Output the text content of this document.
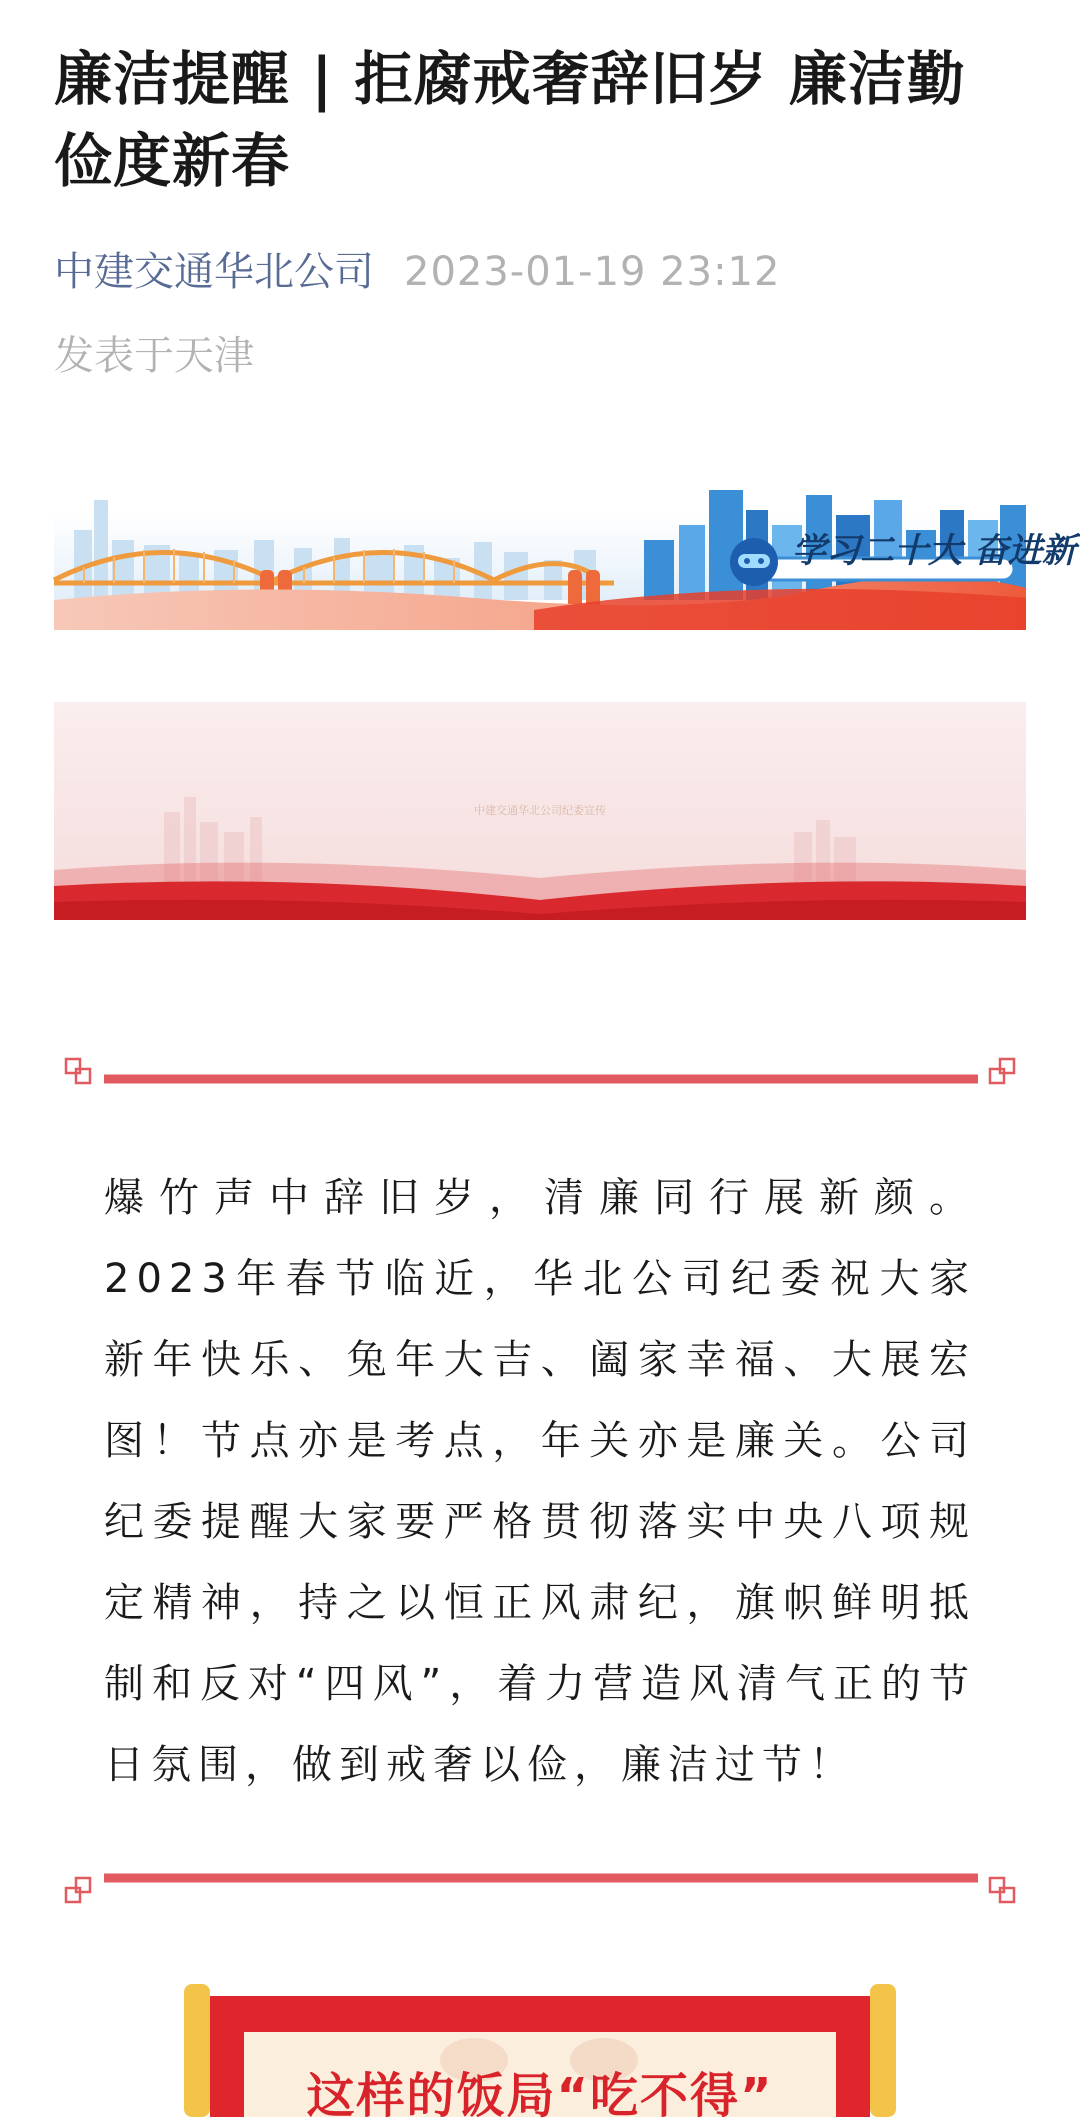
廉洁提醒 | 拒腐戒奢辞旧岁 廉洁勤俭度新春
中建交通华北公司 2023-01-19 23:12
发表于天津
学习二十大 奋进新
中建交通华北公司纪委宣传

爆竹声中辞旧岁，清廉同行展新颜。2023年春节临近，华北公司纪委祝大家新年快乐、兔年大吉、阖家幸福、大展宏图！节点亦是考点，年关亦是廉关。公司纪委提醒大家要严格贯彻落实中央八项规定精神，持之以恒正风肃纪，旗帜鲜明抵制和反对“四风”，着力营造风清气正的节日氛围，做到戒奢以俭，廉洁过节！

这样的饭局“吃不得”
